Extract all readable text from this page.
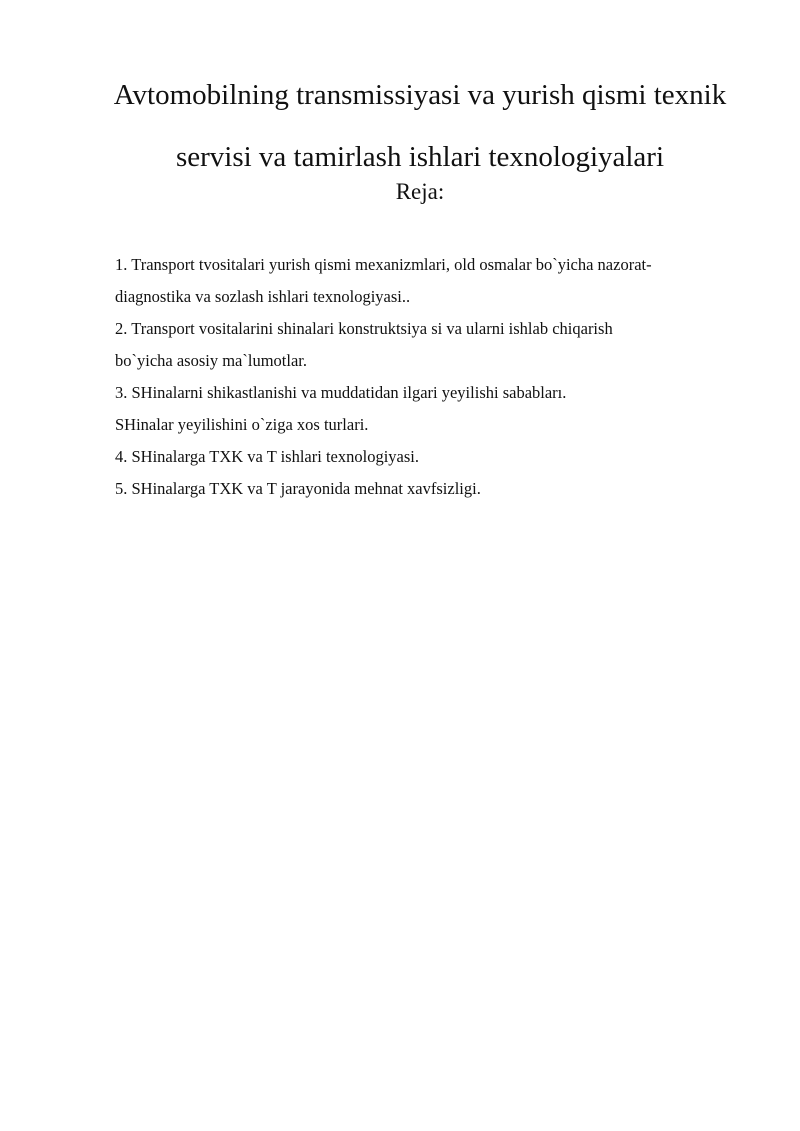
Avtomobilning transmissiyasi va yurish qismi texnik
servisi va tamirlash ishlari texnologiyalari

Reja:

1. Transport tvositalari yurish qismi mexanizmlari, old osmalar bo`yicha nazorat-
diagnostika va sozlash ishlari texnologiyasi..
2. Transport vositalarini shinalari konstruktsiya si va ularni ishlab chiqarish
bo`yicha asosiy ma`lumotlar.
3. SHinalarni shikastlanishi va muddatidan ilgari yeyilishi sababları.
SHinalar yeyilishini o`ziga xos turlari.
4. SHinalarga TXK va T ishlari texnologiyasi.
5. SHinalarga TXK va T jarayonida mehnat xavfsizligi.
